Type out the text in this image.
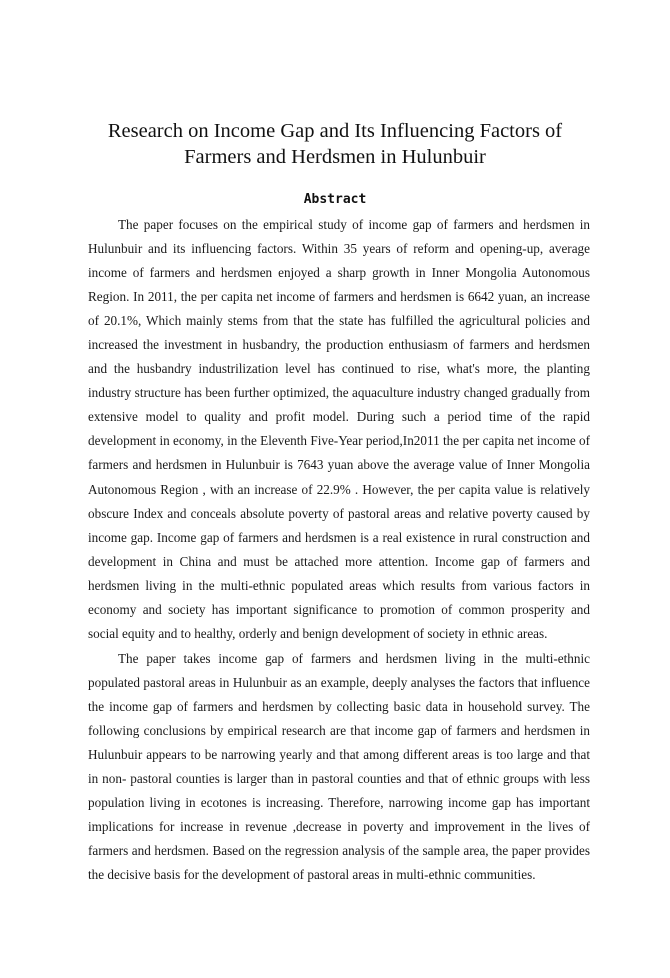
Research on Income Gap and Its Influencing Factors of
Farmers and Herdsmen in Hulunbuir
Abstract

The paper focuses on the empirical study of income gap of farmers and herdsmen in Hulunbuir and its influencing factors. Within 35 years of reform and opening-up, average income of farmers and herdsmen enjoyed a sharp growth in Inner Mongolia Autonomous Region. In 2011, the per capita net income of farmers and herdsmen is 6642 yuan, an increase of 20.1%, Which mainly stems from that the state has fulfilled the agricultural policies and increased the investment in husbandry, the production enthusiasm of farmers and herdsmen and the husbandry industrilization level has continued to rise, what's more, the planting industry structure has been further optimized, the aquaculture industry changed gradually from extensive model to quality and profit model. During such a period time of the rapid development in economy, in the Eleventh Five-Year period,In2011 the per capita net income of farmers and herdsmen in Hulunbuir is 7643 yuan above the average value of Inner Mongolia Autonomous Region , with an increase of 22.9% . However, the per capita value is relatively obscure Index and conceals absolute poverty of pastoral areas and relative poverty caused by income gap. Income gap of farmers and herdsmen is a real existence in rural construction and development in China and must be attached more attention. Income gap of farmers and herdsmen living in the multi-ethnic populated areas which results from various factors in economy and society has important significance to promotion of common prosperity and social equity and to healthy, orderly and benign development of society in ethnic areas.

The paper takes income gap of farmers and herdsmen living in the multi-ethnic populated pastoral areas in Hulunbuir as an example, deeply analyses the factors that influence the income gap of farmers and herdsmen by collecting basic data in household survey. The following conclusions by empirical research are that income gap of farmers and herdsmen in Hulunbuir appears to be narrowing yearly and that among different areas is too large and that in non- pastoral counties is larger than in pastoral counties and that of ethnic groups with less population living in ecotones is increasing. Therefore, narrowing income gap has important implications for increase in revenue ,decrease in poverty and improvement in the lives of farmers and herdsmen. Based on the regression analysis of the sample area, the paper provides the decisive basis for the development of pastoral areas in multi-ethnic communities.
